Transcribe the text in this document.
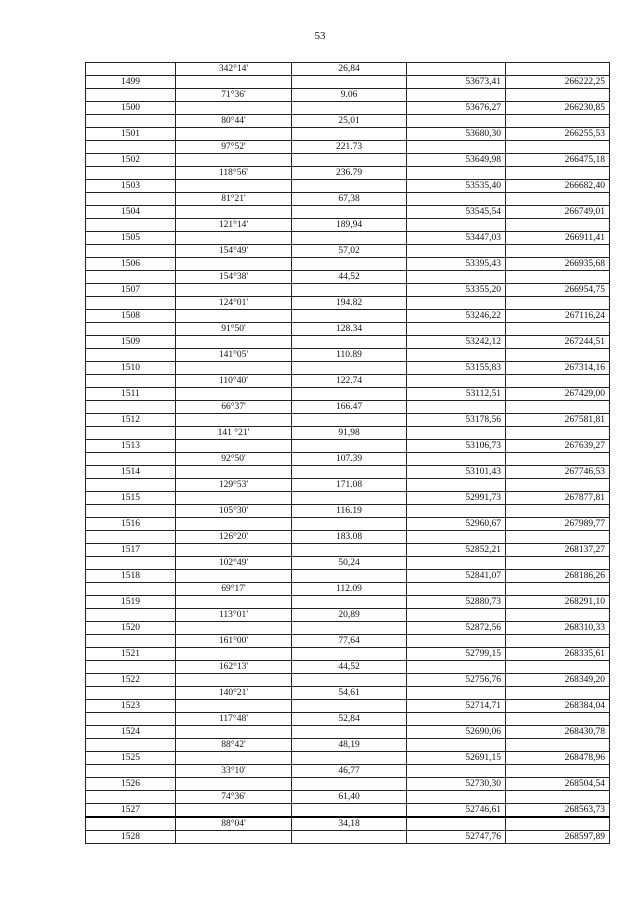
53
	342°14'	26,84		
1499			53673,41	266222,25
	71°36'	9.06		
1500			53676,27	266230,85
	80°44'	25,01		
1501			53680,30	266255,53
	97°52'	221.73		
1502			53649,98	266475,18
	118°56'	236.79		
1503			53535,40	266682,40
	81°21'	67,38		
1504			53545,54	266749,01
	121°14'	189,94		
1505			53447,03	266911,41
	154°49'	57,02		
1506			53395,43	266935,68
	154°38'	44,52		
1507			53355,20	266954,75
	124°01'	194.82		
1508			53246,22	267116,24
	91°50'	128.34		
1509			53242,12	267244,51
	141°05'	110.89		
1510			53155,83	267314,16
	110°40'	122.74		
1511			53112,51	267429,00
	66°37'	166.47		
1512			53178,56	267581,81
	141 °21'	91,98		
1513			53106,73	267639,27
	92°50'	107.39		
1514			53101,43	267746,53
	129°53'	171.08		
1515			52991,73	267877,81
	105°30'	116.19		
1516			52960,67	267989,77
	126°20'	183.08		
1517			52852,21	268137,27
	102°49'	50,24		
1518			52841,07	268186,26
	69°17'	112.09		
1519			52880,73	268291,10
	113°01'	20,89		
1520			52872,56	268310,33
	161°00'	77,64		
1521			52799,15	268335,61
	162°13'	44,52		
1522			52756,76	268349,20
	140°21'	54,61		
1523			52714,71	268384,04
	117°48'	52,84		
1524			52690,06	268430,78
	88°42'	48,19		
1525			52691,15	268478,96
	33°10'	46,77		
1526			52730,30	268504,54
	74°36'	61,40		
1527			52746,61	268563,73
	88°04'	34,18		
1528			52747,76	268597,89
